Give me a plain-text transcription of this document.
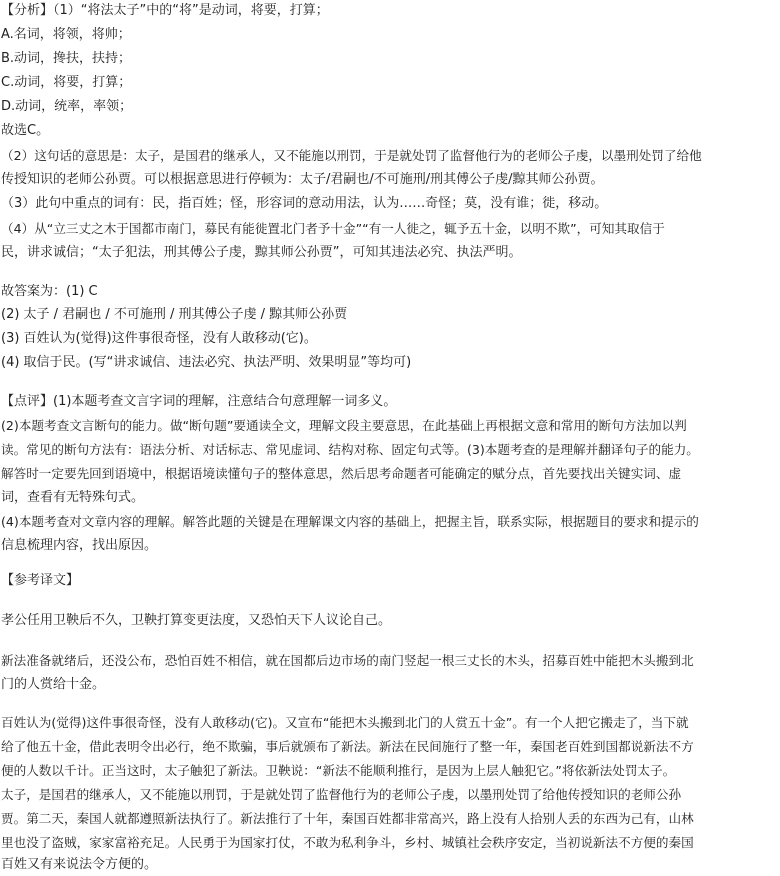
【分析】（1）“将法太子”中的“将”是动词，将要，打算；
A.名词，将领，将帅；
B.动词，搀扶，扶持；
C.动词，将要，打算；
D.动词，统率，率领；
故选C。
（2）这句话的意思是：太子，是国君的继承人，又不能施以刑罚，于是就处罚了监督他行为的老师公子虔，以墨刑处罚了给他
传授知识的老师公孙贾。可以根据意思进行停顿为：太子/君嗣也/不可施刑/刑其傅公子虔/黥其师公孙贾。
（3）此句中重点的词有：民，指百姓；怪，形容词的意动用法，认为……奇怪；莫，没有谁；徙，移动。
（4）从“立三丈之木于国都市南门，募民有能徙置北门者予十金”“有一人徙之，辄予五十金，以明不欺”，可知其取信于
民，讲求诚信；“太子犯法，刑其傅公子虔，黥其师公孙贾”，可知其违法必究、执法严明。
故答案为：(1) C
(2) 太子 / 君嗣也 / 不可施刑 / 刑其傅公子虔 / 黥其师公孙贾
(3) 百姓认为(觉得)这件事很奇怪，没有人敢移动(它)。
(4) 取信于民。(写“讲求诚信、违法必究、执法严明、效果明显”等均可)
【点评】(1)本题考查文言字词的理解，注意结合句意理解一词多义。
(2)本题考查文言断句的能力。做“断句题”要通读全文，理解文段主要意思，在此基础上再根据文意和常用的断句方法加以判
读。常见的断句方法有：语法分析、对话标志、常见虚词、结构对称、固定句式等。(3)本题考查的是理解并翻译句子的能力。
解答时一定要先回到语境中，根据语境读懂句子的整体意思，然后思考命题者可能确定的赋分点，首先要找出关键实词、虚
词，查看有无特殊句式。
(4)本题考查对文章内容的理解。解答此题的关键是在理解课文内容的基础上，把握主旨，联系实际，根据题目的要求和提示的
信息梳理内容，找出原因。
【参考译文】
孝公任用卫鞅后不久，卫鞅打算变更法度，又恐怕天下人议论自己。
新法准备就绪后，还没公布，恐怕百姓不相信，就在国都后边市场的南门竖起一根三丈长的木头，招募百姓中能把木头搬到北
门的人赏给十金。
百姓认为(觉得)这件事很奇怪，没有人敢移动(它)。又宣布“能把木头搬到北门的人赏五十金”。有一个人把它搬走了，当下就
给了他五十金，借此表明令出必行，绝不欺骗，事后就颁布了新法。新法在民间施行了整一年，秦国老百姓到国都说新法不方
便的人数以千计。正当这时，太子触犯了新法。卫鞅说：“新法不能顺利推行，是因为上层人触犯它。”将依新法处罚太子。
太子，是国君的继承人，又不能施以刑罚，于是就处罚了监督他行为的老师公子虔，以墨刑处罚了给他传授知识的老师公孙
贾。第二天，秦国人就都遵照新法执行了。新法推行了十年，秦国百姓都非常高兴，路上没有人拾别人丢的东西为己有，山林
里也没了盗贼，家家富裕充足。人民勇于为国家打仗，不敢为私利争斗，乡村、城镇社会秩序安定，当初说新法不方便的秦国
百姓又有来说法令方便的。
